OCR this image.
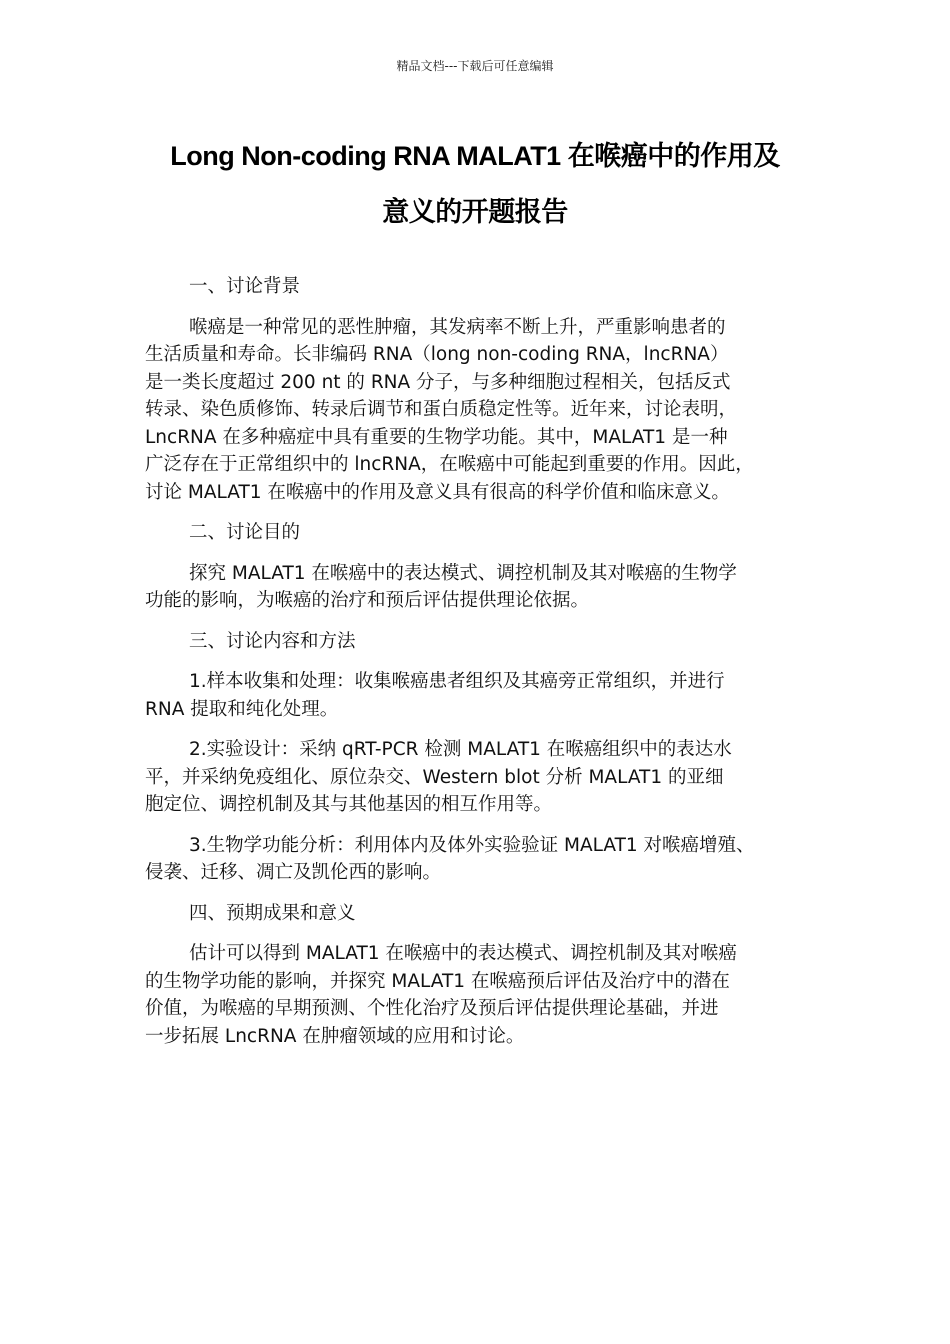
精品文档---下载后可任意编辑
Long Non-coding RNA MALAT1 在喉癌中的作用及
意义的开题报告
一、讨论背景
喉癌是一种常见的恶性肿瘤，其发病率不断上升，严重影响患者的
生活质量和寿命。长非编码 RNA（long non-coding RNA，lncRNA）
是一类长度超过 200 nt 的 RNA 分子，与多种细胞过程相关，包括反式
转录、染色质修饰、转录后调节和蛋白质稳定性等。近年来，讨论表明，
LncRNA 在多种癌症中具有重要的生物学功能。其中，MALAT1 是一种
广泛存在于正常组织中的 lncRNA，在喉癌中可能起到重要的作用。因此，
讨论 MALAT1 在喉癌中的作用及意义具有很高的科学价值和临床意义。
二、讨论目的
探究 MALAT1 在喉癌中的表达模式、调控机制及其对喉癌的生物学
功能的影响，为喉癌的治疗和预后评估提供理论依据。
三、讨论内容和方法
1.样本收集和处理：收集喉癌患者组织及其癌旁正常组织，并进行
RNA 提取和纯化处理。
2.实验设计：采纳 qRT-PCR 检测 MALAT1 在喉癌组织中的表达水
平，并采纳免疫组化、原位杂交、Western blot 分析 MALAT1 的亚细
胞定位、调控机制及其与其他基因的相互作用等。
3.生物学功能分析：利用体内及体外实验验证 MALAT1 对喉癌增殖、
侵袭、迁移、凋亡及凯伦西的影响。
四、预期成果和意义
估计可以得到 MALAT1 在喉癌中的表达模式、调控机制及其对喉癌
的生物学功能的影响，并探究 MALAT1 在喉癌预后评估及治疗中的潜在
价值，为喉癌的早期预测、个性化治疗及预后评估提供理论基础，并进
一步拓展 LncRNA 在肿瘤领域的应用和讨论。
